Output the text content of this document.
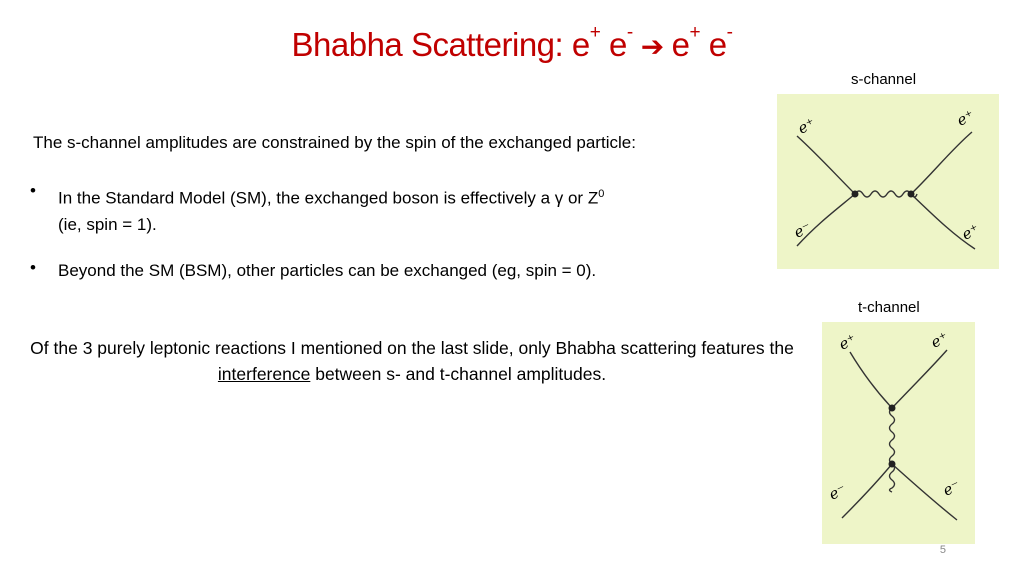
Bhabha Scattering: e+ e- ➔ e+ e-
The s-channel amplitudes are constrained by the spin of the exchanged particle:
• In the Standard Model (SM), the exchanged boson is effectively a γ or $Z^0$
(ie, spin = 1).
• Beyond the SM (BSM), other particles can be exchanged (eg, spin = 0).
Of the 3 purely leptonic reactions I mentioned on the last slide, only Bhabha scattering features the interference between s- and t-channel amplitudes.
s-channel
e⁺	e⁺
e⁻	e⁺
t-channel
e⁺	e⁺
e⁻	e⁻
5
